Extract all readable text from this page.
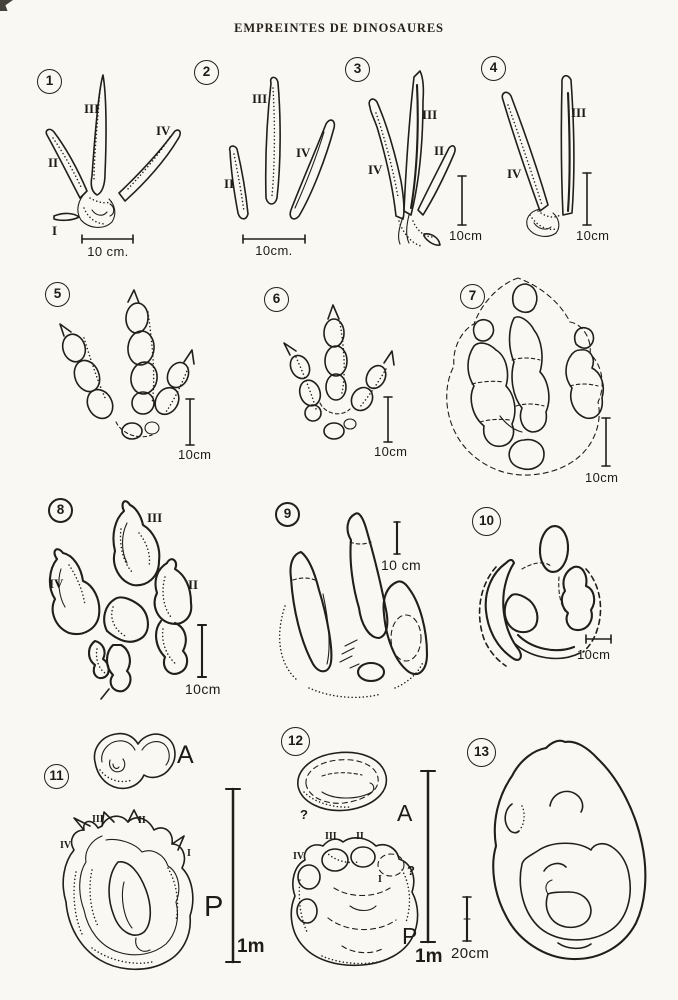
EMPREINTES DE DINOSAURES
1
III
IV
II
I
10 cm.
2
III
IV
II
10cm.
3
III
II
IV
10cm
4
III
IV
10cm
5
10cm
6
10cm
7
10cm
8
III
IV	II
10cm
9
10 cm
10
10cm
11
A
P
III	II
IV
I
1m
12
?	A
III II
IV
I
?
P
1m
13
20cm
